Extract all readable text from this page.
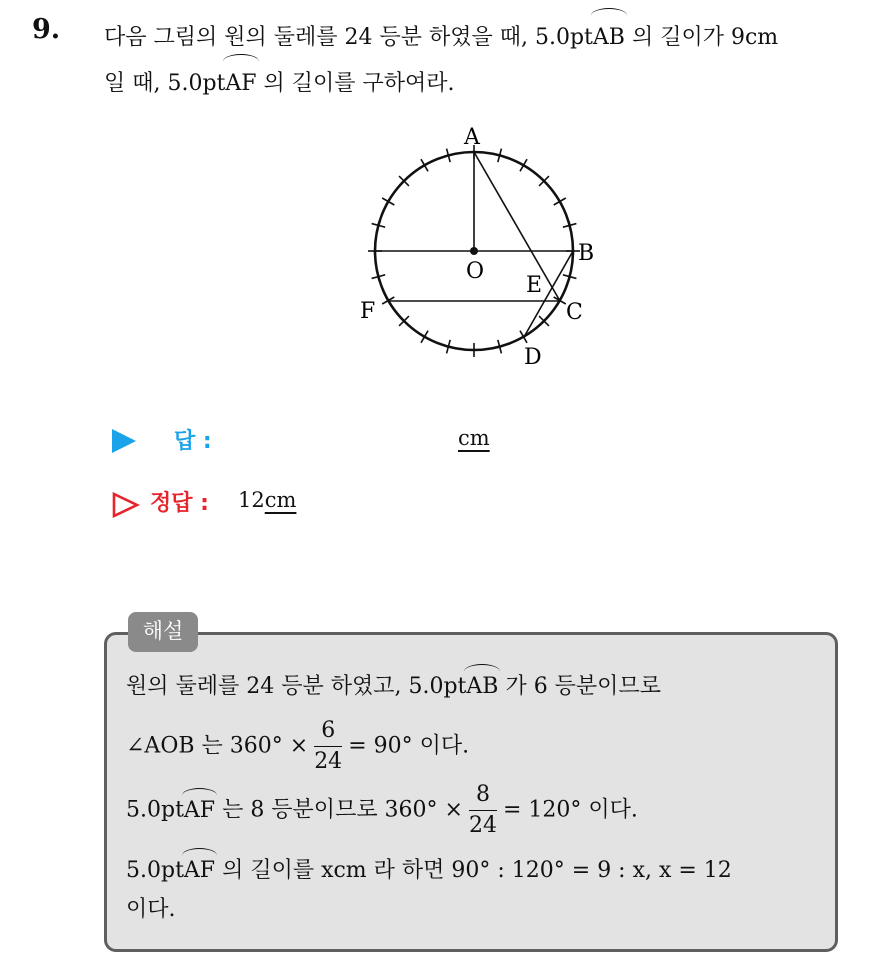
9. 다음 그림의 원의 둘레를 24 등분 하였을 때, 5.0ptAB 의 길이가 9cm
일 때, 5.0ptAF 의 길이를 구하여라.
A
B
C
D
E
F
O
답 :	cm
정답 : 12cm
해설
원의 둘레를 24 등분 하였고, 5.0ptAB 가 6 등분이므로
∠AOB 는 $360^\circ \times \frac{6}{24} = 90^\circ$ 이다.
5.0ptAF 는 8 등분이므로 $360^\circ \times \frac{8}{24} = 120^\circ$ 이다.
5.0ptAF 의 길이를 xcm 라 하면 90° : 120° = 9 : x, x = 12
이다.
